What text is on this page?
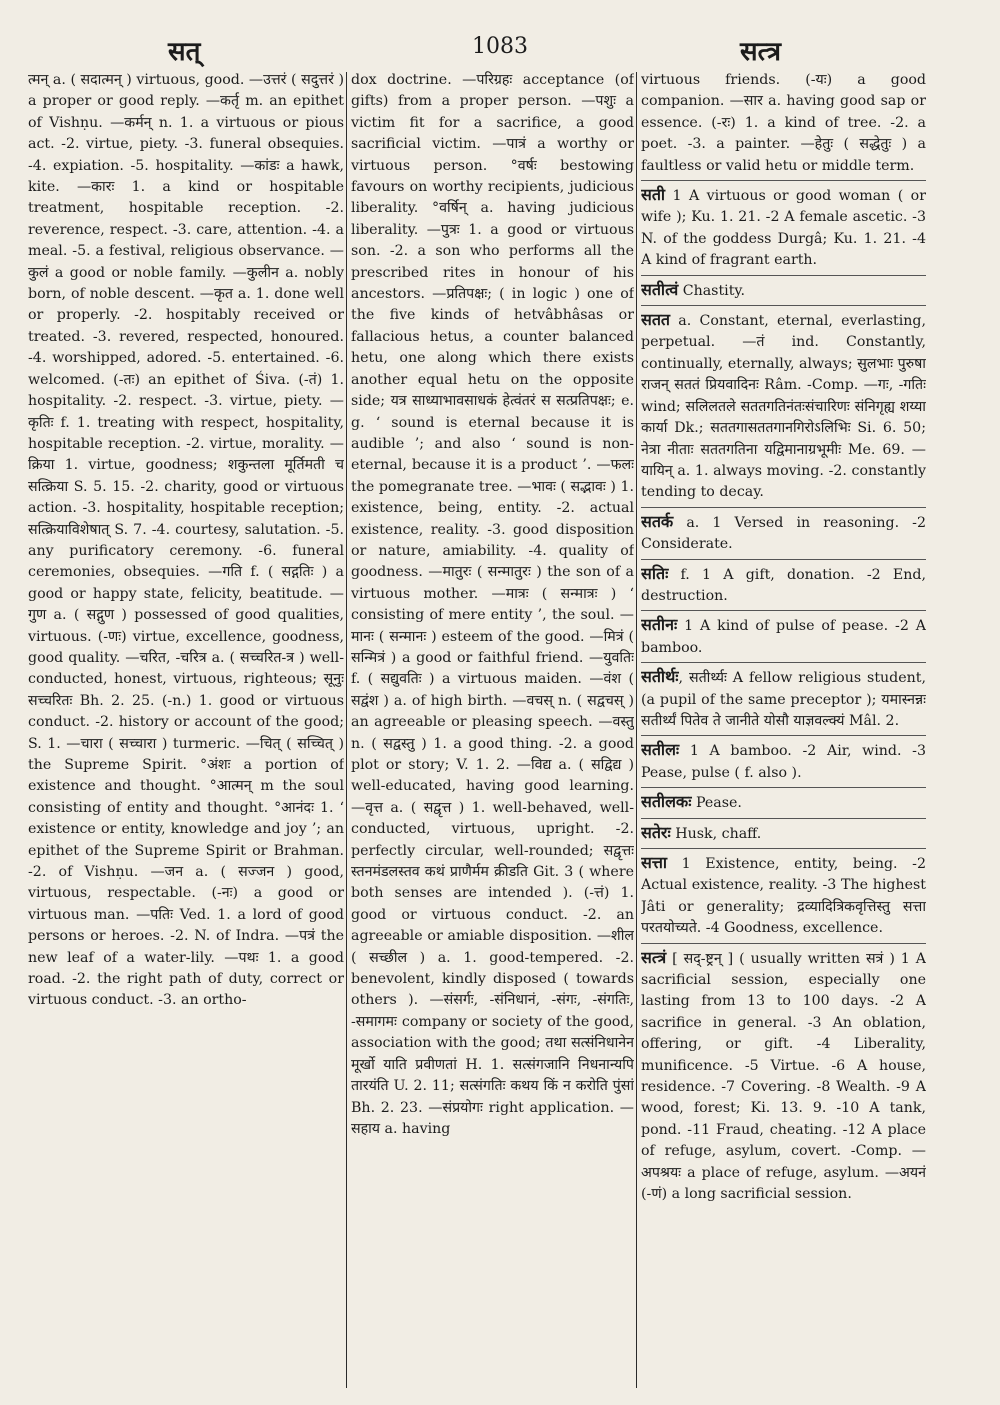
सत्	1083	सत्त्र

त्मन् a. ( सदात्मन् ) virtuous, good. —उत्तरं ( सदुत्तरं ) a proper or good reply. —कर्तृ m. an epithet of Vishṇu. —कर्मन् n. 1. a virtuous or pious act. -2. virtue, piety. -3. funeral obsequies. -4. expiation. -5. hospitality. —कांडः a hawk, kite. —कारः 1. a kind or hospitable treatment, hospitable reception. -2. reverence, respect. -3. care, attention. -4. a meal. -5. a festival, religious observance. —कुलं a good or noble family. —कुलीन a. nobly born, of noble descent. —कृत a. 1. done well or properly. -2. hospitably received or treated. -3. revered, respected, honoured. -4. worshipped, adored. -5. entertained. -6. welcomed. (-तः) an epithet of Śiva. (-तं) 1. hospitality. -2. respect. -3. virtue, piety. —कृतिः f. 1. treating with respect, hospitality, hospitable reception. -2. virtue, morality. —क्रिया 1. virtue, goodness; शकुन्तला मूर्तिमती च सत्क्रिया S. 5. 15. -2. charity, good or virtuous action. -3. hospitality, hospitable reception; सत्क्रियाविशेषात् S. 7. -4. courtesy, salutation. -5. any purificatory ceremony. -6. funeral ceremonies, obsequies. —गति f. ( सद्गतिः ) a good or happy state, felicity, beatitude. —गुण a. ( सद्गुण ) possessed of good qualities, virtuous. (-णः) virtue, excellence, goodness, good quality. —चरित, -चरित्र a. ( सच्चरित-त्र ) well-conducted, honest, virtuous, righteous; सूनुः सच्चरितः Bh. 2. 25. (-n.) 1. good or virtuous conduct. -2. history or account of the good; S. 1. —चारा ( सच्चारा ) turmeric. —चित् ( सच्चित् ) the Supreme Spirit. °अंशः a portion of existence and thought. °आत्मन् m the soul consisting of entity and thought. °आनंदः 1. ‘ existence or entity, knowledge and joy ’; an epithet of the Supreme Spirit or Brahman. -2. of Vishṇu. —जन a. ( सज्जन ) good, virtuous, respectable. (-नः) a good or virtuous man. —पतिः Ved. 1. a lord of good persons or heroes. -2. N. of Indra. —पत्रं the new leaf of a water-lily. —पथः 1. a good road. -2. the right path of duty, correct or virtuous conduct. -3. an ortho-

dox doctrine. —परिग्रहः acceptance (of gifts) from a proper person. —पशुः a victim fit for a sacrifice, a good sacrificial victim. —पात्रं a worthy or virtuous person. °वर्षः bestowing favours on worthy recipients, judicious liberality. °वर्षिन् a. having judicious liberality. —पुत्रः 1. a good or virtuous son. -2. a son who performs all the prescribed rites in honour of his ancestors. —प्रतिपक्षः; ( in logic ) one of the five kinds of hetvâbhâsas or fallacious hetus, a counter balanced hetu, one along which there exists another equal hetu on the opposite side; यत्र साध्याभावसाधकं हेत्वंतरं स सत्प्रतिपक्षः; e. g. ‘ sound is eternal because it is audible ’; and also ‘ sound is non-eternal, because it is a product ’. —फलः the pomegranate tree. —भावः ( सद्भावः ) 1. existence, being, entity. -2. actual existence, reality. -3. good disposition or nature, amiability. -4. quality of goodness. —मातुरः ( सन्मातुरः ) the son of a virtuous mother. —मात्रः ( सन्मात्रः ) ‘ consisting of mere entity ’, the soul. —मानः ( सन्मानः ) esteem of the good. —मित्रं ( सन्मित्रं ) a good or faithful friend. —युवतिः f. ( सद्युवतिः ) a virtuous maiden. —वंश ( सद्वंश ) a. of high birth. —वचस् n. ( सद्वचस् ) an agreeable or pleasing speech. —वस्तु n. ( सद्वस्तु ) 1. a good thing. -2. a good plot or story; V. 1. 2. —विद्य a. ( सद्विद्य ) well-educated, having good learning. —वृत्त a. ( सद्वृत्त ) 1. well-behaved, well-conducted, virtuous, upright. -2. perfectly circular, well-rounded; सद्वृत्तः स्तनमंडलस्तव कथं प्राणैर्मम क्रीडति Git. 3 ( where both senses are intended ). (-त्तं) 1. good or virtuous conduct. -2. an agreeable or amiable disposition. —शील ( सच्छील ) a. 1. good-tempered. -2. benevolent, kindly disposed ( towards others ). —संसर्गः, -संनिधानं, -संगः, -संगतिः, -समागमः company or society of the good, association with the good; तथा सत्संनिधानेन मूर्खो याति प्रवीणतां H. 1. सत्संगजानि निधनान्यपि तारयंति U. 2. 11; सत्संगतिः कथय किं न करोति पुंसां Bh. 2. 23. —संप्रयोगः right application. —सहाय a. having

virtuous friends. (-यः) a good companion. —सार a. having good sap or essence. (-रः) 1. a kind of tree. -2. a poet. -3. a painter. —हेतुः ( सद्धेतुः ) a faultless or valid hetu or middle term.

सती 1 A virtuous or good woman ( or wife ); Ku. 1. 21. -2 A female ascetic. -3 N. of the goddess Durgâ; Ku. 1. 21. -4 A kind of fragrant earth.

सतीत्वं Chastity.

सतत a. Constant, eternal, everlasting, perpetual. —तं ind. Constantly, continually, eternally, always; सुलभाः पुरुषा राजन् सततं प्रियवादिनः Râm. -Comp. —गः, -गतिः wind; सलिलतले सततगतिनंतःसंचारिणः संनिगृह्य शय्या कार्या Dk.; सततगासततगानगिरोऽलिभिः Si. 6. 50; नेत्रा नीताः सततगतिना यद्विमानाग्रभूमीः Me. 69. —यायिन् a. 1. always moving. -2. constantly tending to decay.

सतर्क a. 1 Versed in reasoning. -2 Considerate.

सतिः f. 1 A gift, donation. -2 End, destruction.

सतीनः 1 A kind of pulse of pease. -2 A bamboo.

सतीर्थः, सतीर्थ्यः A fellow religious student, (a pupil of the same preceptor ); यमास्नन्नः सतीर्थ्यं पितेव ते जानीते योसौ याज्ञवल्क्यं Mâl. 2.

सतीलः 1 A bamboo. -2 Air, wind. -3 Pease, pulse ( f. also ).

सतीलकः Pease.

सतेरः Husk, chaff.

सत्ता 1 Existence, entity, being. -2 Actual existence, reality. -3 The highest Jâti or generality; द्रव्यादित्रिकवृत्तिस्तु सत्ता परतयोच्यते. -4 Goodness, excellence.

सत्त्रं [ सद्-ष्ट्रन् ] ( usually written सत्रं ) 1 A sacrificial session, especially one lasting from 13 to 100 days. -2 A sacrifice in general. -3 An oblation, offering, or gift. -4 Liberality, munificence. -5 Virtue. -6 A house, residence. -7 Covering. -8 Wealth. -9 A wood, forest; Ki. 13. 9. -10 A tank, pond. -11 Fraud, cheating. -12 A place of refuge, asylum, covert. -Comp. —अपश्रयः a place of refuge, asylum. —अयनं (-णं) a long sacrificial session.
